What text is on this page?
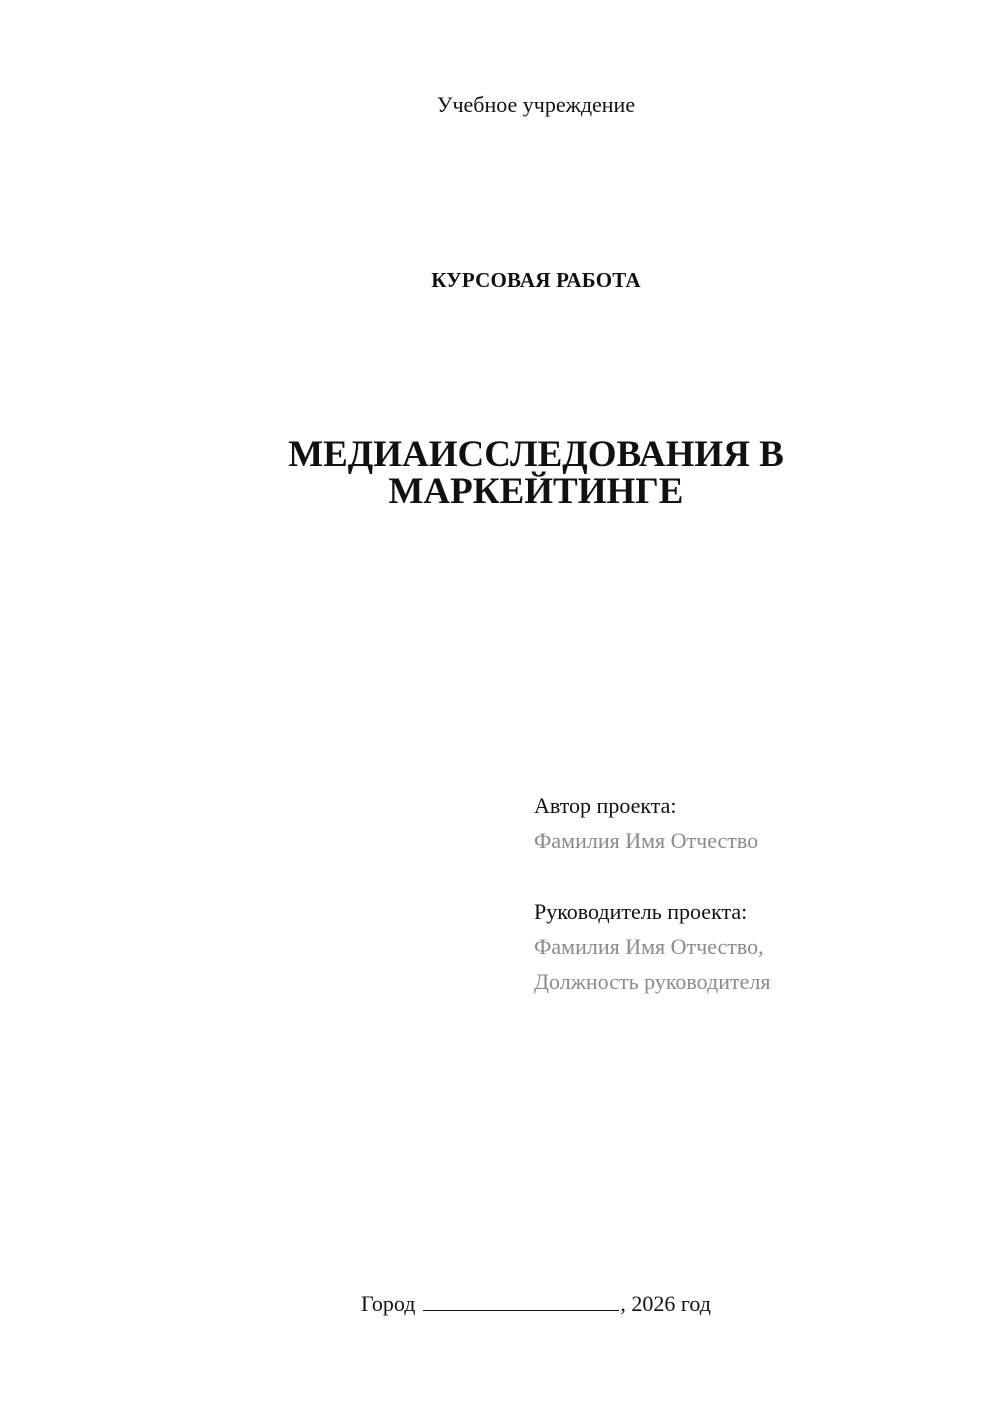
Учебное учреждение
КУРСОВАЯ РАБОТА
МЕДИАИССЛЕДОВАНИЯ В
МАРКЕЙТИНГЕ
Автор проекта:
Фамилия Имя Отчество
Руководитель проекта:
Фамилия Имя Отчество,
Должность руководителя
Город	, 2026 год
